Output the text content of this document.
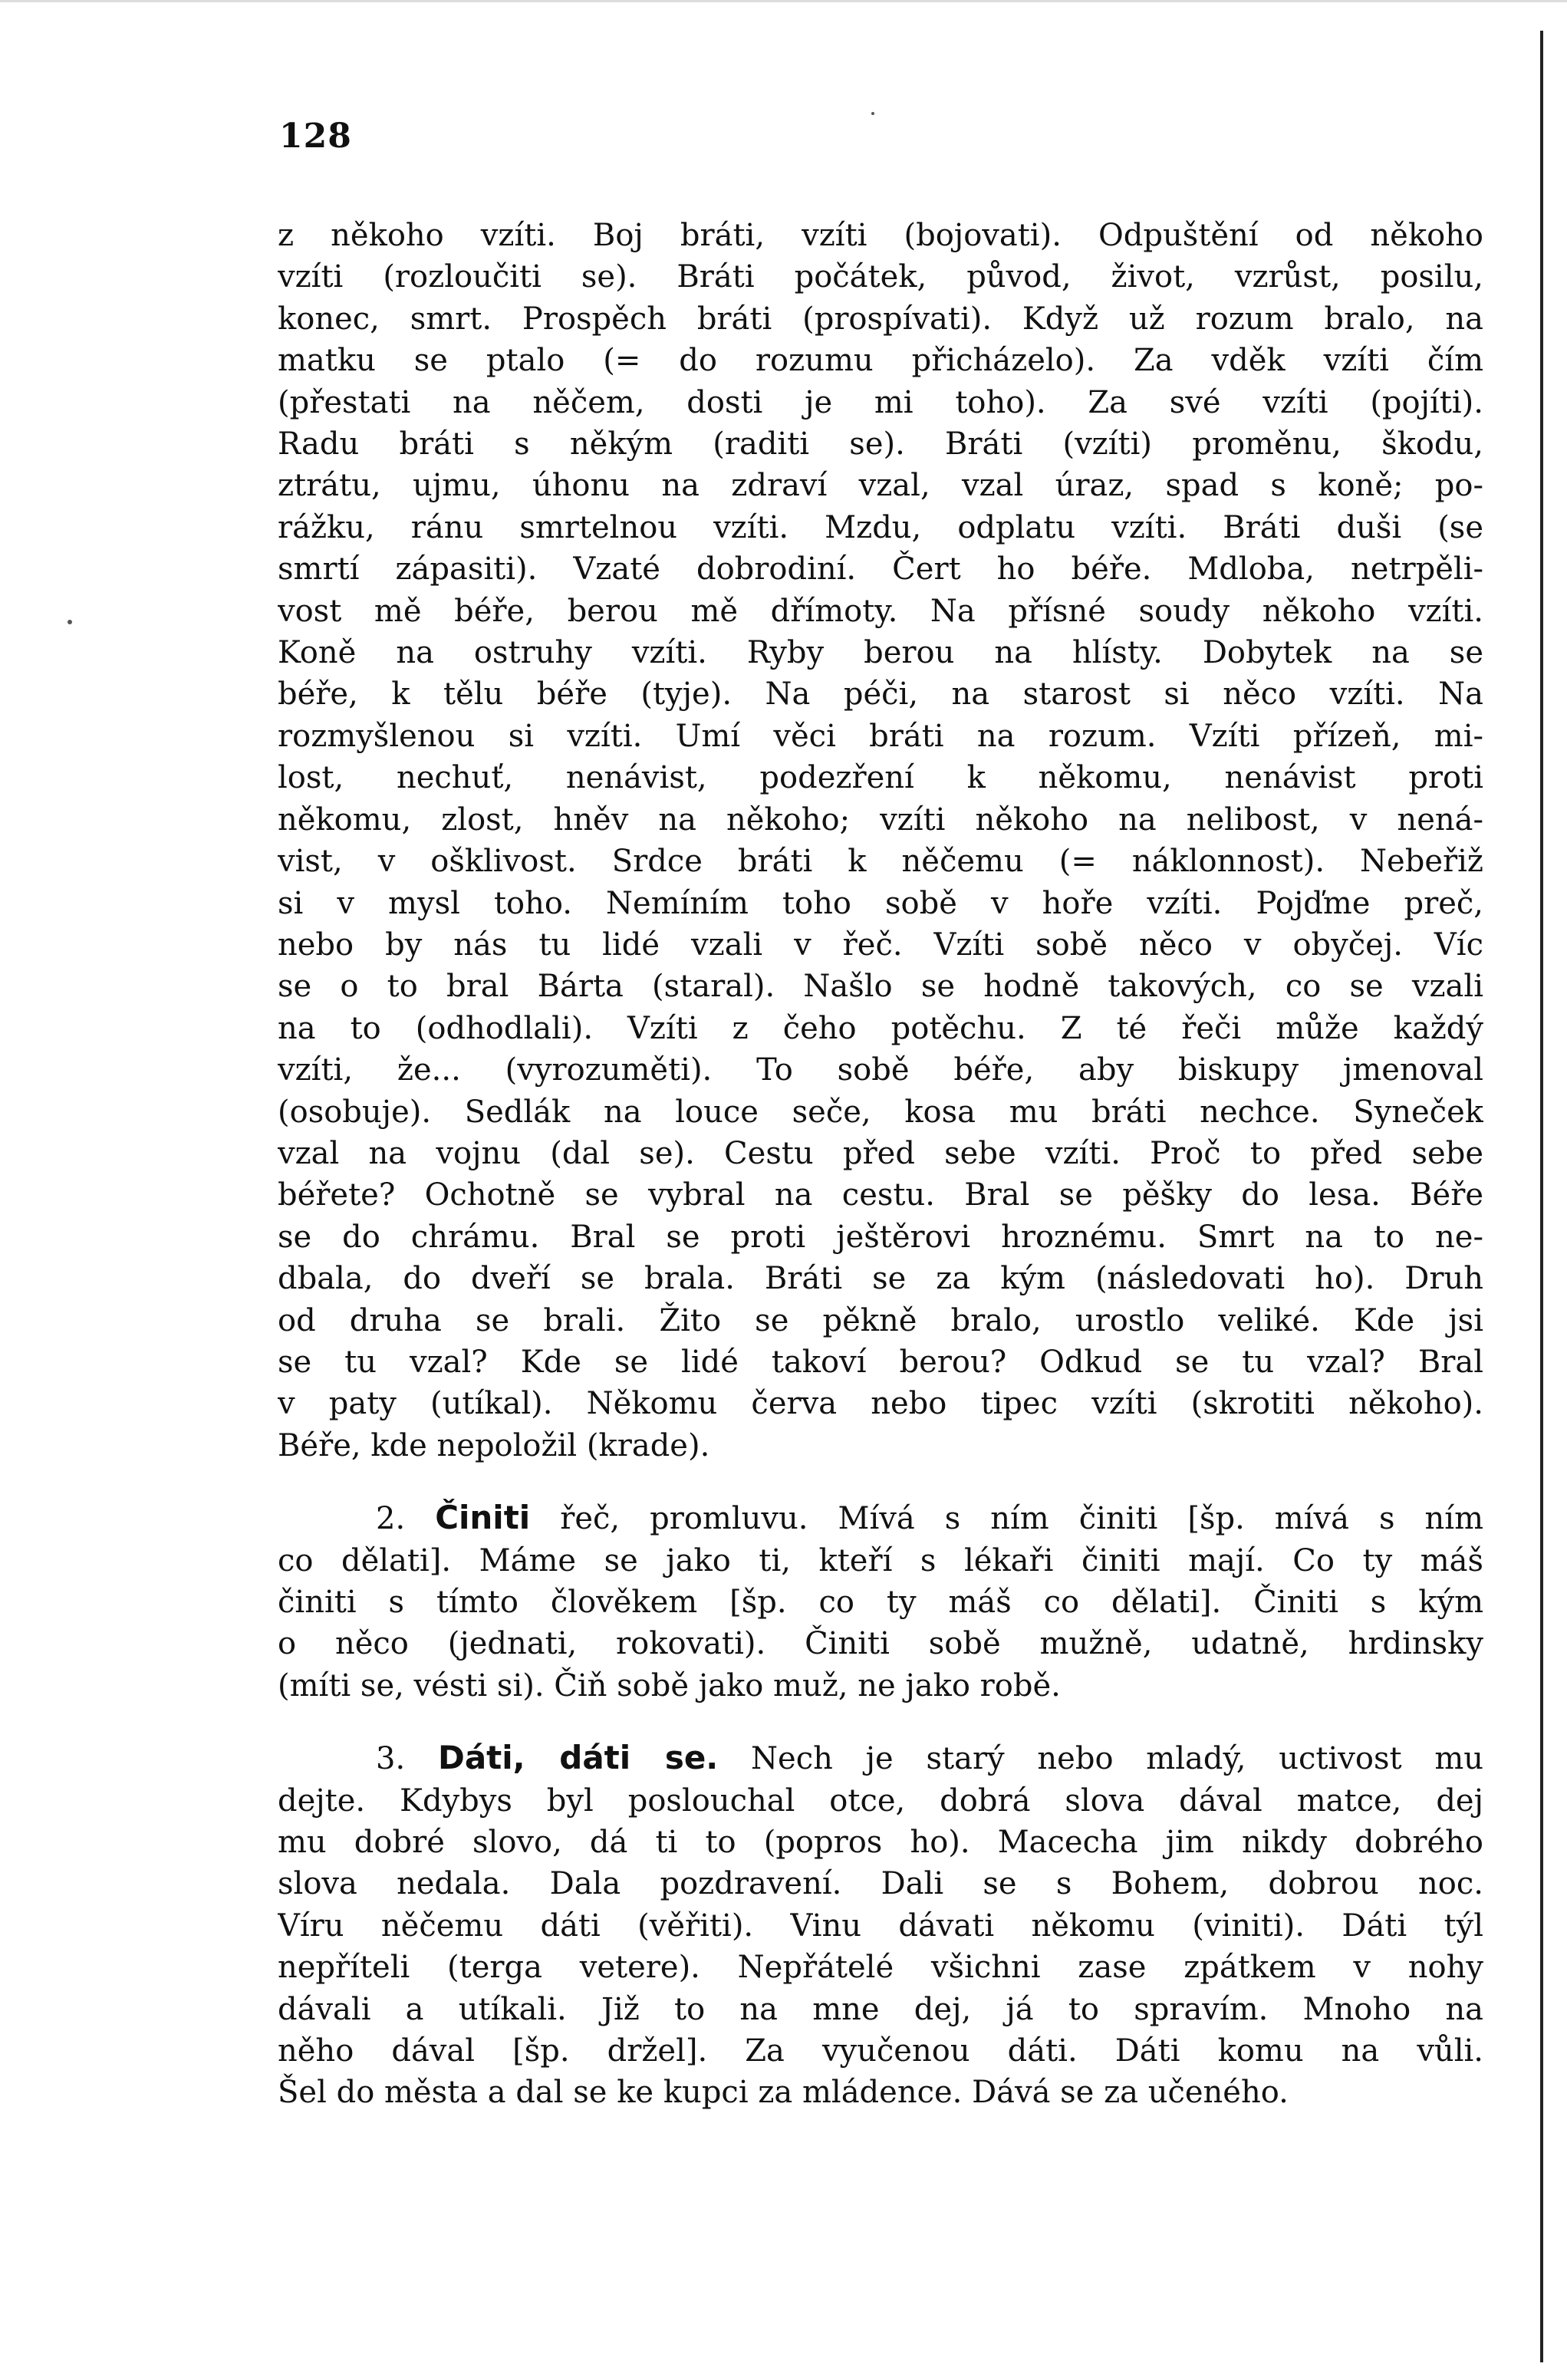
128
z někoho vzíti. Boj bráti, vzíti (bojovati). Odpuštění od někoho
vzíti (rozloučiti se). Bráti počátek, původ, život, vzrůst, posilu,
konec, smrt. Prospěch bráti (prospívati). Když už rozum bralo, na
matku se ptalo (= do rozumu přicházelo). Za vděk vzíti čím
(přestati na něčem, dosti je mi toho). Za své vzíti (pojíti).
Radu bráti s někým (raditi se). Bráti (vzíti) proměnu, škodu,
ztrátu, ujmu, úhonu na zdraví vzal, vzal úraz, spad s koně; po-
rážku, ránu smrtelnou vzíti. Mzdu, odplatu vzíti. Bráti duši (se
smrtí zápasiti). Vzaté dobrodiní. Čert ho béře. Mdloba, netrpěli-
vost mě béře, berou mě dřímoty. Na přísné soudy někoho vzíti.
Koně na ostruhy vzíti. Ryby berou na hlísty. Dobytek na se
béře, k tělu béře (tyje). Na péči, na starost si něco vzíti. Na
rozmyšlenou si vzíti. Umí věci bráti na rozum. Vzíti přízeň, mi-
lost, nechuť, nenávist, podezření k někomu, nenávist proti
někomu, zlost, hněv na někoho; vzíti někoho na nelibost, v nená-
vist, v ošklivost. Srdce bráti k něčemu (= náklonnost). Nebeřiž
si v mysl toho. Nemíním toho sobě v hoře vzíti. Pojďme preč,
nebo by nás tu lidé vzali v řeč. Vzíti sobě něco v obyčej. Víc
se o to bral Bárta (staral). Našlo se hodně takových, co se vzali
na to (odhodlali). Vzíti z čeho potěchu. Z té řeči může každý
vzíti, že... (vyrozuměti). To sobě béře, aby biskupy jmenoval
(osobuje). Sedlák na louce seče, kosa mu bráti nechce. Syneček
vzal na vojnu (dal se). Cestu před sebe vzíti. Proč to před sebe
béřete? Ochotně se vybral na cestu. Bral se pěšky do lesa. Béře
se do chrámu. Bral se proti ještěrovi hroznému. Smrt na to ne-
dbala, do dveří se brala. Bráti se za kým (následovati ho). Druh
od druha se brali. Žito se pěkně bralo, urostlo veliké. Kde jsi
se tu vzal? Kde se lidé takoví berou? Odkud se tu vzal? Bral
v paty (utíkal). Někomu červa nebo tipec vzíti (skrotiti někoho).
Béře, kde nepoložil (krade).
2. Činiti řeč, promluvu. Mívá s ním činiti [šp. mívá s ním
co dělati]. Máme se jako ti, kteří s lékaři činiti mají. Co ty máš
činiti s tímto člověkem [šp. co ty máš co dělati]. Činiti s kým
o něco (jednati, rokovati). Činiti sobě mužně, udatně, hrdinsky
(míti se, vésti si). Čiň sobě jako muž, ne jako robě.
3. Dáti, dáti se. Nech je starý nebo mladý, uctivost mu
dejte. Kdybys byl poslouchal otce, dobrá slova dával matce, dej
mu dobré slovo, dá ti to (popros ho). Macecha jim nikdy dobrého
slova nedala. Dala pozdravení. Dali se s Bohem, dobrou noc.
Víru něčemu dáti (věřiti). Vinu dávati někomu (viniti). Dáti týl
nepříteli (terga vetere). Nepřátelé všichni zase zpátkem v nohy
dávali a utíkali. Již to na mne dej, já to spravím. Mnoho na
něho dával [šp. držel]. Za vyučenou dáti. Dáti komu na vůli.
Šel do města a dal se ke kupci za mládence. Dává se za učeného.
